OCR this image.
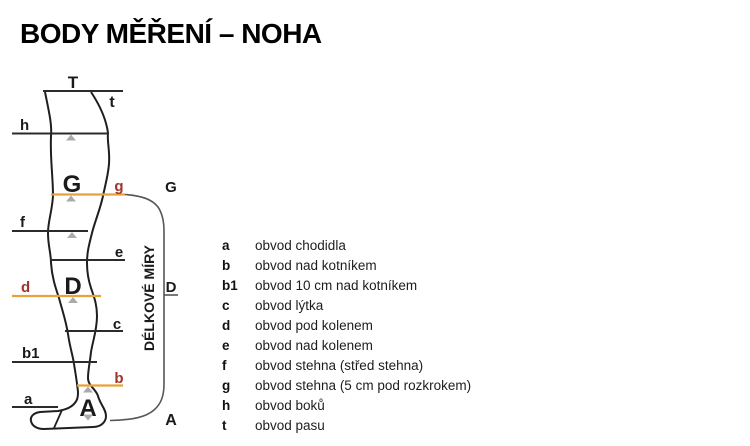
BODY MĚŘENÍ – NOHA
T
t
h
G g
f
e
d D
c
b1
b
a A
G
D
A
DÉLKOVÉ MÍRY	a	obvod chodidla
b	obvod nad kotníkem
b1	obvod 10 cm nad kotníkem
c	obvod lýtka
d	obvod pod kolenem
e	obvod nad kolenem
f	obvod stehna (střed stehna)
g	obvod stehna (5 cm pod rozkrokem)
h	obvod boků
t	obvod pasu
